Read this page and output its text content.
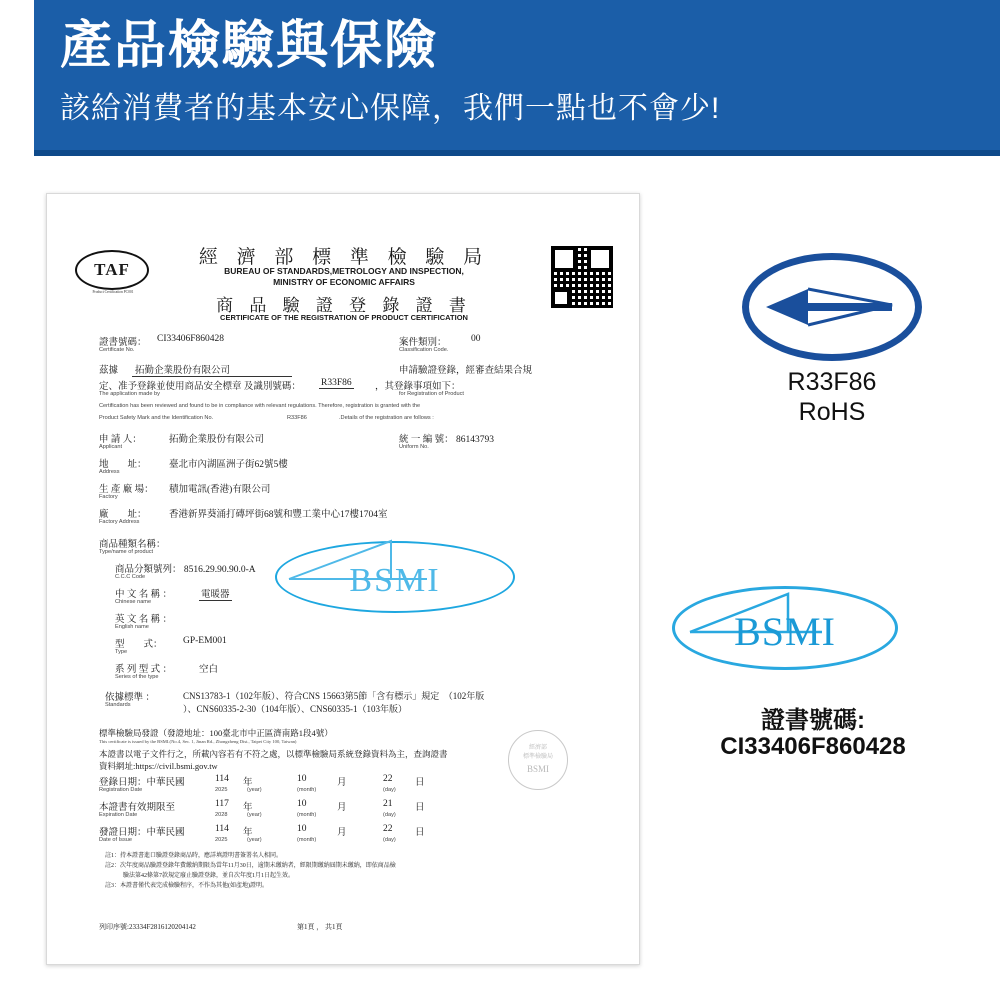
產品檢驗與保險
該給消費者的基本安心保障，我們一點也不會少!
TAF
Product Certification PC001
經 濟 部 標 準 檢 驗 局
BUREAU OF STANDARDS,METROLOGY AND INSPECTION,
MINISTRY OF ECONOMIC AFFAIRS
商 品 驗 證 登 錄 證 書
CERTIFICATE OF THE REGISTRATION OF PRODUCT CERTIFICATION
證書號碼： CI33406F860428
Certificate No.
案件類別：	00
Classification Code.
茲據	拓勤企業股份有限公司	申請驗證登錄，經審查結果合規
定、准予登錄並使用商品安全標章 及識別號碼： R33F86 ，其登錄事項如下：
The application made by	for Registration of Product
Certification has been reviewed and found to be in compliance with relevant regulations. Therefore, registration is granted with the
Product Safety Mark and the Identification No.	R33F86	.Details of the registration are follows :
申 請 人：	拓勤企業股份有限公司
Applicant
統 一 編 號： 86143793
Uniform No.
地　　址： 臺北市內湖區洲子街62號5樓
Address
生 產 廠 場： 積加電訊(香港)有限公司
Factory
廠　　址： 香港新界葵涌打磚坪街68號和豐工業中心17樓1704室
Factory Address
商品種類名稱：
Type/name of product
商品分類號列： 8516.29.90.90.0-A
C.C.C Code
中 文 名 稱 ：	電暖器
Chinese name
英 文 名 稱 ：
English name
型　　式： GP-EM001
Type
系 列 型 式 ：	空白
Series of the type
依據標準 ：	CNS13783-1（102年版）、符合CNS 15663第5節「含有標示」規定　（102年版
Standards	）、CNS60335-2-30（104年版）、CNS60335-1（103年版）
BSMI
標準檢驗局發證（發證地址：100臺北市中正區濟南路1段4號）
This certificate is issued by the BSMI.(No.4, Sec. 1, Jinan Rd., Zhongzheng Dist., Taipei City 100, Taiwan)
本證書以電子文件行之，所載內容若有不符之處，以標準檢驗局系統登錄資料為主，查詢證書
資料網址:https://civil.bsmi.gov.tw
登錄日期：中華民國	114 年	10	月	22 日
Registration Date	2025	(year)	(month)	(day)
本證書有效期限至	117 年	10	月	21 日
Expiration Date	2028	(year)	(month)	(day)
發證日期：中華民國	114 年	10	月	22 日
Date of Issue	2025	(year)	(month)	(day)
經濟部
標準檢驗局
BSMI
註1：持本證書進口驗證登錄商品時，應詳填證明書簽署名人相同。
註2：次年度商品驗證登錄年費繳納期限為當年11月30日，逾期未繳納者，經限期繳納屆期未繳納，即依商品檢
　　　驗法第42條第7款規定廢止驗證登錄，並自次年度1月1日起生效。
註3：本證書僅代表完成檢驗程序，不作為其他(如產地)證明。
列印序號:23334F2816120204142	第1頁 ， 共1頁
R33F86
RoHS
BSMI
證書號碼:
CI33406F860428
